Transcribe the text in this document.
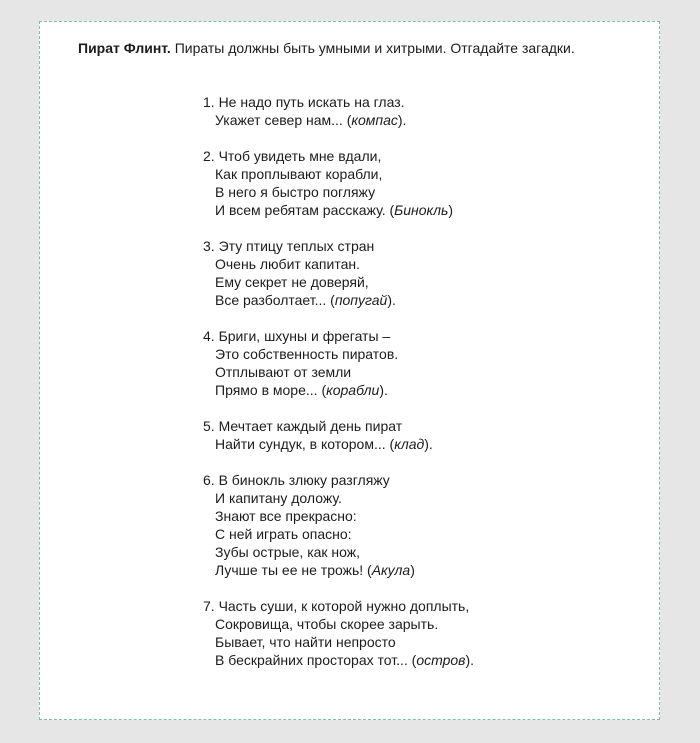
Пират Флинт. Пираты должны быть умными и хитрыми. Отгадайте загадки.
1. Не надо путь искать на глаз.
Укажет север нам... (компас).
2. Чтоб увидеть мне вдали,
Как проплывают корабли,
В него я быстро погляжу
И всем ребятам расскажу. (Бинокль)
3. Эту птицу теплых стран
Очень любит капитан.
Ему секрет не доверяй,
Все разболтает... (попугай).
4. Бриги, шхуны и фрегаты –
Это собственность пиратов.
Отплывают от земли
Прямо в море... (корабли).
5. Мечтает каждый день пират
Найти сундук, в котором... (клад).
6. В бинокль злюку разгляжу
И капитану доложу.
Знают все прекрасно:
С ней играть опасно:
Зубы острые, как нож,
Лучше ты ее не трожь! (Акула)
7. Часть суши, к которой нужно доплыть,
Сокровища, чтобы скорее зарыть.
Бывает, что найти непросто
В бескрайних просторах тот... (остров).
